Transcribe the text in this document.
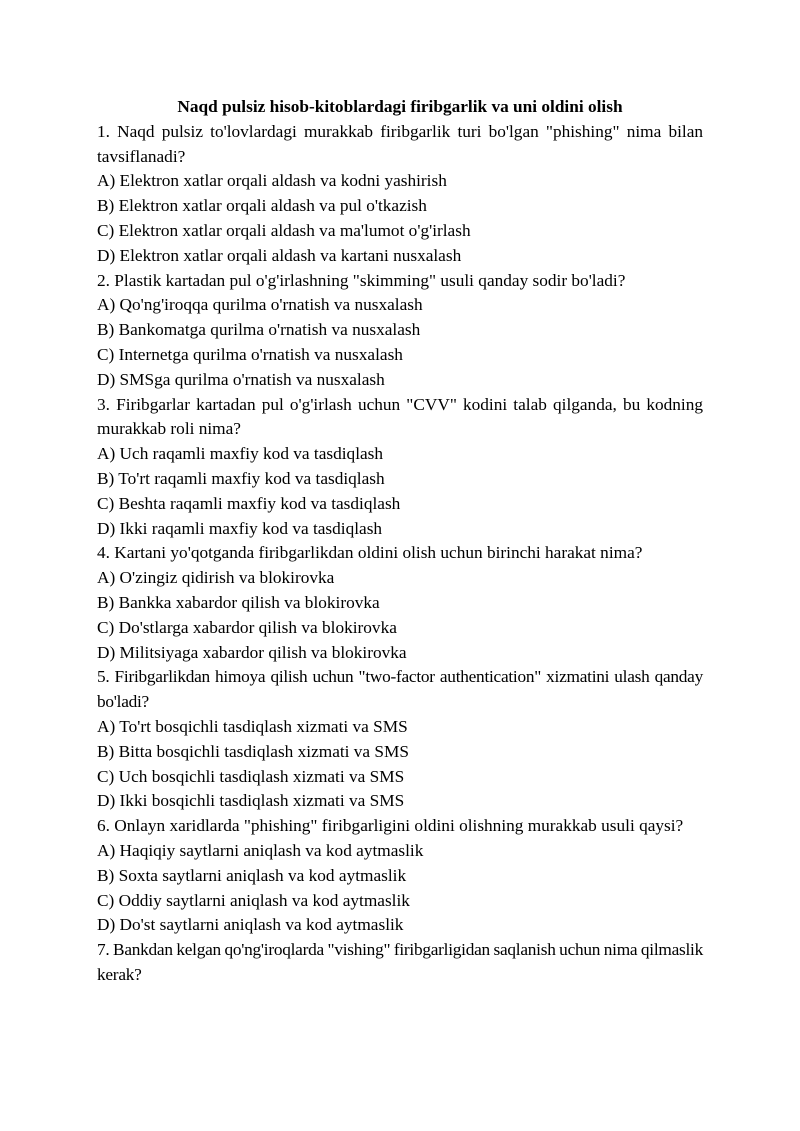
Naqd pulsiz hisob-kitoblardagi firibgarlik va uni oldini olish

1. Naqd pulsiz to'lovlardagi murakkab firibgarlik turi bo'lgan "phishing" nima bilan tavsiflanadi?

A) Elektron xatlar orqali aldash va kodni yashirish

B) Elektron xatlar orqali aldash va pul o'tkazish

C) Elektron xatlar orqali aldash va ma'lumot o'g'irlash

D) Elektron xatlar orqali aldash va kartani nusxalash

2. Plastik kartadan pul o'g'irlashning "skimming" usuli qanday sodir bo'ladi?

A) Qo'ng'iroqqa qurilma o'rnatish va nusxalash

B) Bankomatga qurilma o'rnatish va nusxalash

C) Internetga qurilma o'rnatish va nusxalash

D) SMSga qurilma o'rnatish va nusxalash

3. Firibgarlar kartadan pul o'g'irlash uchun "CVV" kodini talab qilganda, bu kodning murakkab roli nima?

A) Uch raqamli maxfiy kod va tasdiqlash

B) To'rt raqamli maxfiy kod va tasdiqlash

C) Beshta raqamli maxfiy kod va tasdiqlash

D) Ikki raqamli maxfiy kod va tasdiqlash

4. Kartani yo'qotganda firibgarlikdan oldini olish uchun birinchi harakat nima?

A) O'zingiz qidirish va blokirovka

B) Bankka xabardor qilish va blokirovka

C) Do'stlarga xabardor qilish va blokirovka

D) Militsiyaga xabardor qilish va blokirovka

5. Firibgarlikdan himoya qilish uchun "two-factor authentication" xizmatini ulash qanday bo'ladi?

A) To'rt bosqichli tasdiqlash xizmati va SMS

B) Bitta bosqichli tasdiqlash xizmati va SMS

C) Uch bosqichli tasdiqlash xizmati va SMS

D) Ikki bosqichli tasdiqlash xizmati va SMS

6. Onlayn xaridlarda "phishing" firibgarligini oldini olishning murakkab usuli qaysi?

A) Haqiqiy saytlarni aniqlash va kod aytmaslik

B) Soxta saytlarni aniqlash va kod aytmaslik

C) Oddiy saytlarni aniqlash va kod aytmaslik

D) Do'st saytlarni aniqlash va kod aytmaslik

7. Bankdan kelgan qo'ng'iroqlarda "vishing" firibgarligidan saqlanish uchun nima qilmaslik kerak?
